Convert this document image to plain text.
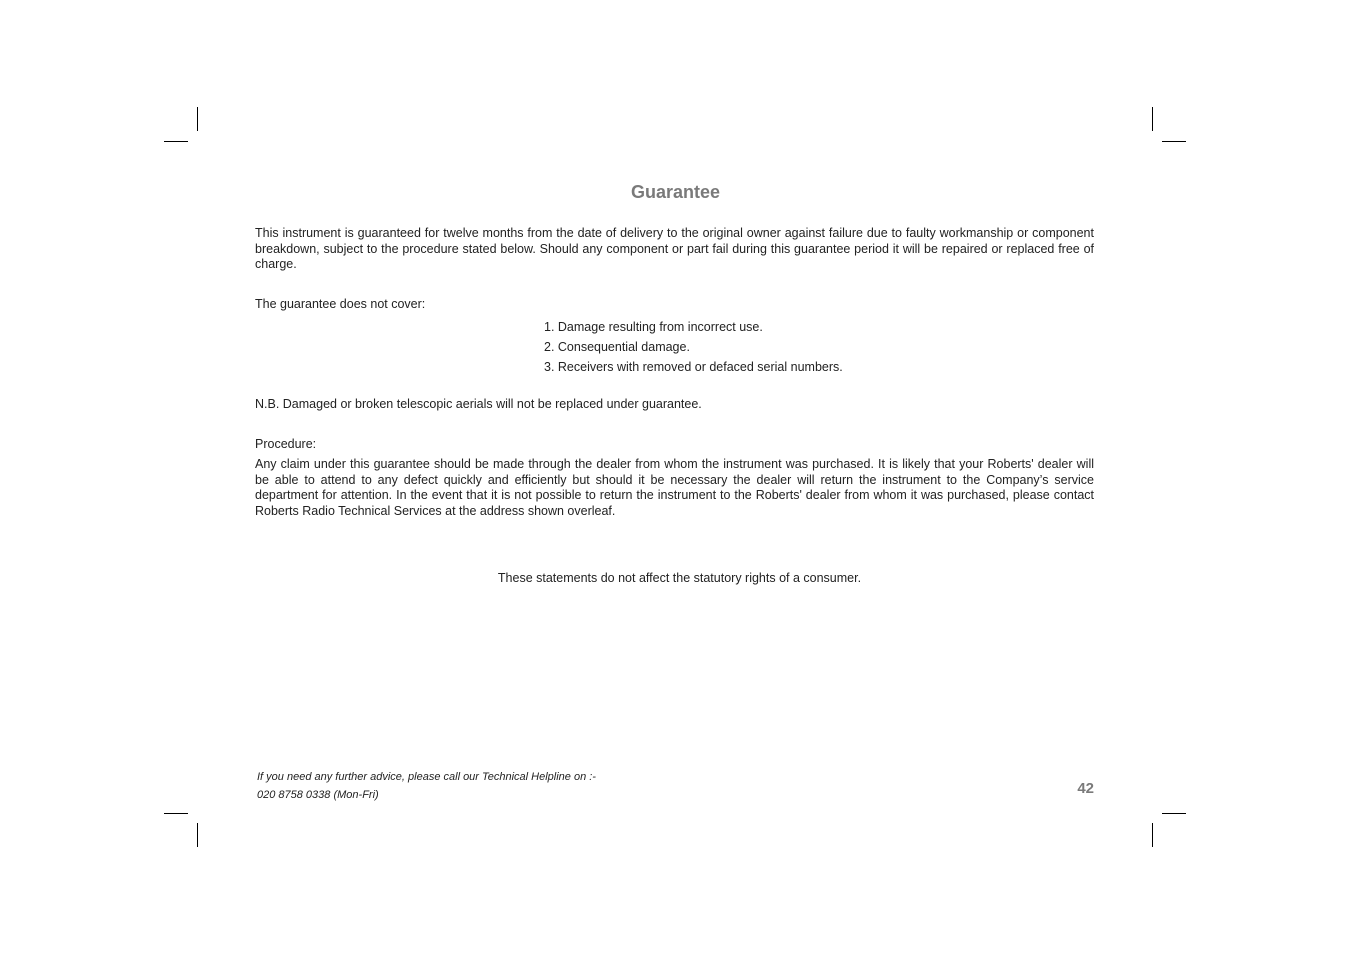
Guarantee

This instrument is guaranteed for twelve months from the date of delivery to the original owner against failure due to faulty workmanship or component breakdown, subject to the procedure stated below. Should any component or part fail during this guarantee period it will be repaired or replaced free of charge.

The guarantee does not cover:

1. Damage resulting from incorrect use.
2. Consequential damage.
3. Receivers with removed or defaced serial numbers.

N.B. Damaged or broken telescopic aerials will not be replaced under guarantee.

Procedure:

Any claim under this guarantee should be made through the dealer from whom the instrument was purchased. It is likely that your Roberts' dealer will be able to attend to any defect quickly and efficiently but should it be necessary the dealer will return the instrument to the Company’s service department for attention. In the event that it is not possible to return the instrument to the Roberts' dealer from whom it was purchased, please contact Roberts Radio Technical Services at the address shown overleaf.

These statements do not affect the statutory rights of a consumer.

If you need any further advice, please call our Technical Helpline on :-
020 8758 0338 (Mon-Fri)	42
